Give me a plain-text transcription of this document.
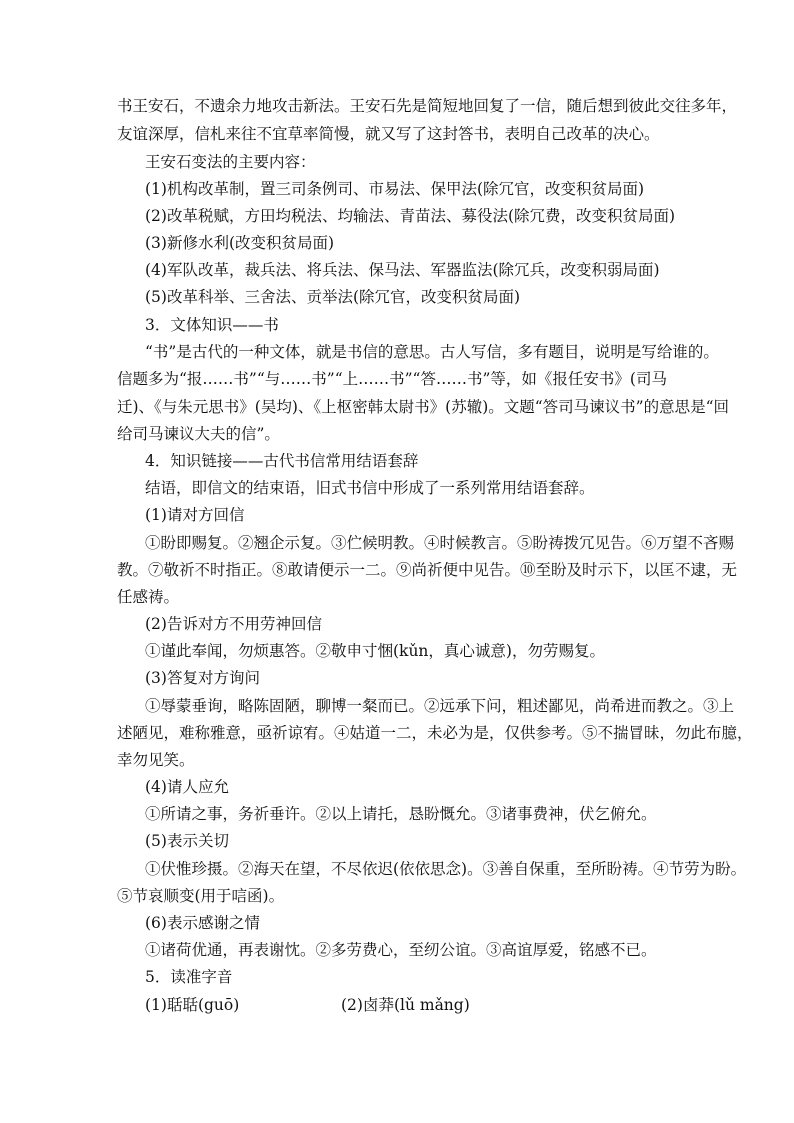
书王安石，不遗余力地攻击新法。王安石先是简短地回复了一信，随后想到彼此交往多年，
友谊深厚，信札来往不宜草率简慢，就又写了这封答书，表明自己改革的决心。
王安石变法的主要内容：
(1)机构改革制，置三司条例司、市易法、保甲法(除冗官，改变积贫局面)
(2)改革税赋，方田均税法、均输法、青苗法、募役法(除冗费，改变积贫局面)
(3)新修水利(改变积贫局面)
(4)军队改革，裁兵法、将兵法、保马法、军器监法(除冗兵，改变积弱局面)
(5)改革科举、三舍法、贡举法(除冗官，改变积贫局面)
3．文体知识——书
“书”是古代的一种文体，就是书信的意思。古人写信，多有题目，说明是写给谁的。
信题多为“报……书”“与……书”“上……书”“答……书”等，如《报任安书》(司马
迁)、《与朱元思书》(吴均)、《上枢密韩太尉书》(苏辙)。文题“答司马谏议书”的意思是“回
给司马谏议大夫的信”。
4．知识链接——古代书信常用结语套辞
结语，即信文的结束语，旧式书信中形成了一系列常用结语套辞。
(1)请对方回信
①盼即赐复。②翘企示复。③伫候明教。④时候教言。⑤盼祷拨冗见告。⑥万望不吝赐
教。⑦敬祈不时指正。⑧敢请便示一二。⑨尚祈便中见告。⑩至盼及时示下，以匡不逮，无
任感祷。
(2)告诉对方不用劳神回信
①谨此奉闻，勿烦惠答。②敬申寸悃(kǔn，真心诚意)，勿劳赐复。
(3)答复对方询问
①辱蒙垂询，略陈固陋，聊博一粲而已。②远承下问，粗述鄙见，尚希进而教之。③上
述陋见，难称雅意，亟祈谅宥。④姑道一二，未必为是，仅供参考。⑤不揣冒昧，勿此布臆，
幸勿见笑。
(4)请人应允
①所请之事，务祈垂许。②以上请托，恳盼慨允。③诸事费神，伏乞俯允。
(5)表示关切
①伏惟珍摄。②海天在望，不尽依迟(依依思念)。③善自保重，至所盼祷。④节劳为盼。
⑤节哀顺变(用于唁函)。
(6)表示感谢之情
①诸荷优通，再表谢忱。②多劳费心，至纫公谊。③高谊厚爱，铭感不已。
5．读准字音
(1)聒聒(guō)	(2)卤莽(lǔ mǎng)
